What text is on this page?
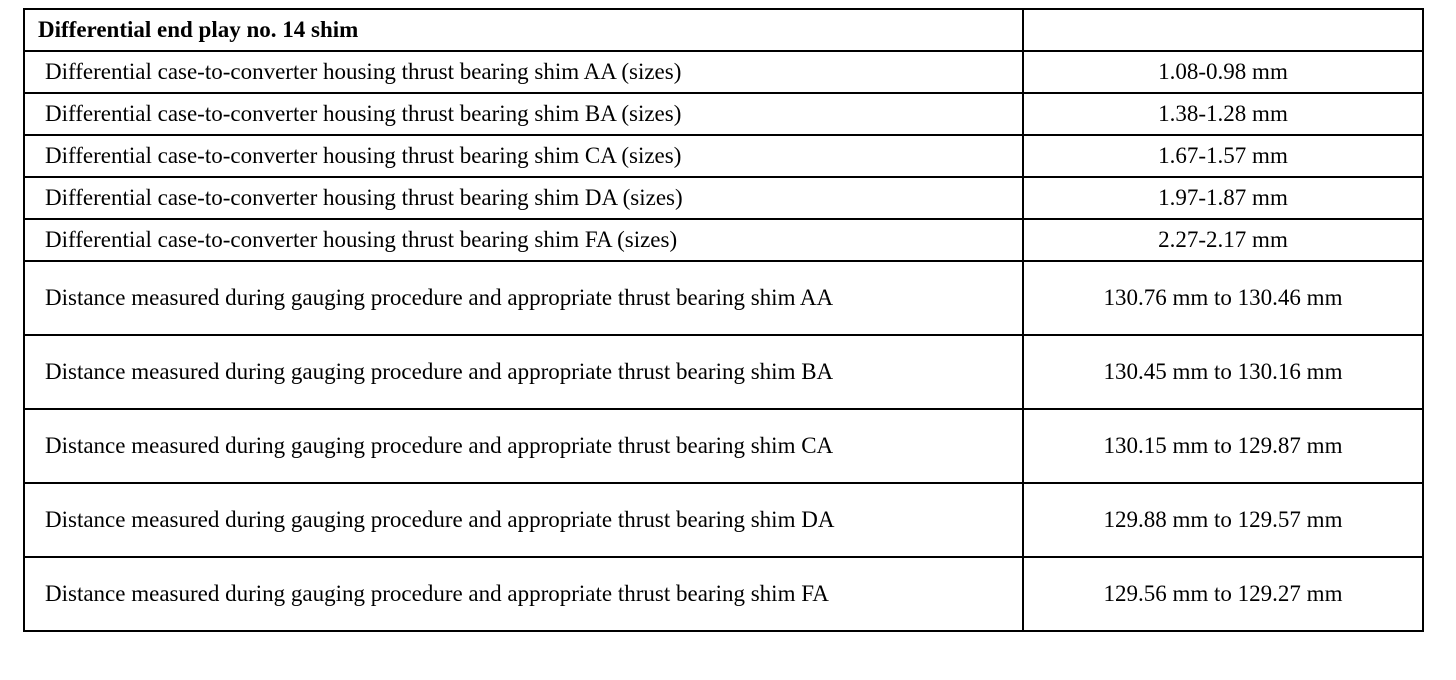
Differential end play no. 14 shim	
Differential case-to-converter housing thrust bearing shim AA (sizes)	1.08-0.98 mm
Differential case-to-converter housing thrust bearing shim BA (sizes)	1.38-1.28 mm
Differential case-to-converter housing thrust bearing shim CA (sizes)	1.67-1.57 mm
Differential case-to-converter housing thrust bearing shim DA (sizes)	1.97-1.87 mm
Differential case-to-converter housing thrust bearing shim FA (sizes)	2.27-2.17 mm
Distance measured during gauging procedure and appropriate thrust bearing shim AA	130.76 mm to 130.46 mm
Distance measured during gauging procedure and appropriate thrust bearing shim BA	130.45 mm to 130.16 mm
Distance measured during gauging procedure and appropriate thrust bearing shim CA	130.15 mm to 129.87 mm
Distance measured during gauging procedure and appropriate thrust bearing shim DA	129.88 mm to 129.57 mm
Distance measured during gauging procedure and appropriate thrust bearing shim FA	129.56 mm to 129.27 mm
